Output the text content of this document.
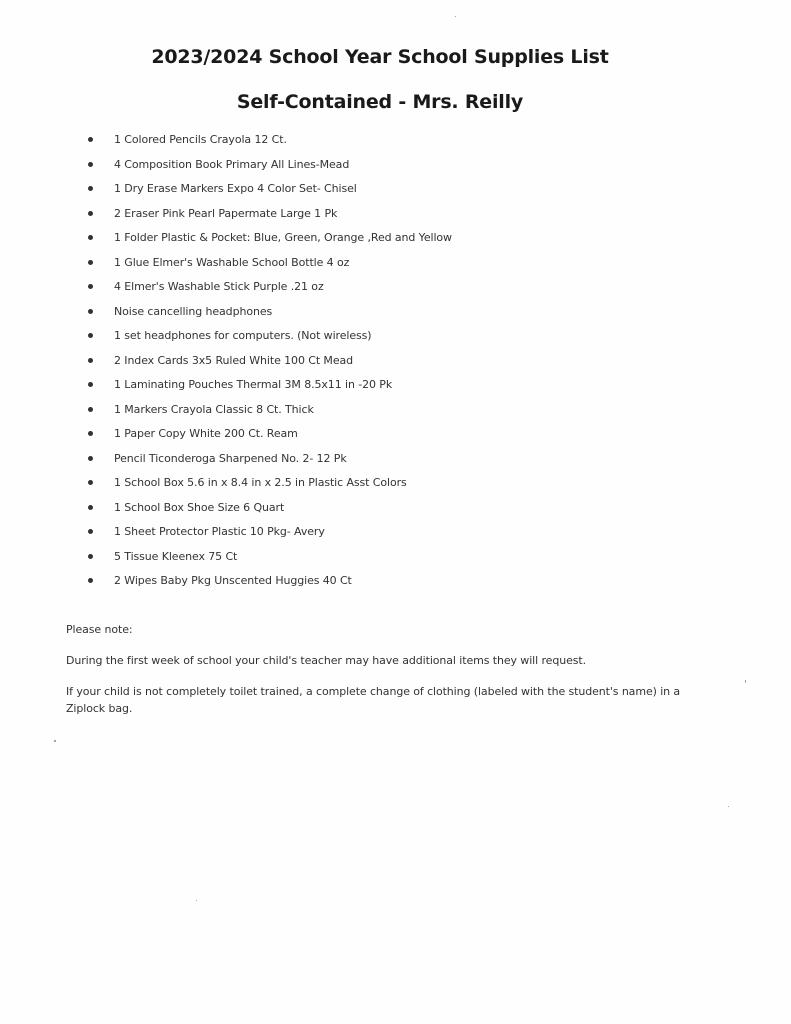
2023/2024 School Year School Supplies List
Self-Contained - Mrs. Reilly
1 Colored Pencils Crayola 12 Ct.
4 Composition Book Primary All Lines-Mead
1 Dry Erase Markers Expo 4 Color Set- Chisel
2 Eraser Pink Pearl Papermate Large 1 Pk
1 Folder Plastic & Pocket: Blue, Green, Orange ,Red and Yellow
1 Glue Elmer's Washable School Bottle 4 oz
4 Elmer's Washable Stick Purple .21 oz
Noise cancelling headphones
1 set headphones for computers. (Not wireless)
2 Index Cards 3x5 Ruled White 100 Ct Mead
1 Laminating Pouches Thermal 3M 8.5x11 in -20 Pk
1 Markers Crayola Classic 8 Ct. Thick
1 Paper Copy White 200 Ct. Ream
Pencil Ticonderoga Sharpened No. 2- 12 Pk
1 School Box 5.6 in x 8.4 in x 2.5 in Plastic Asst Colors
1 School Box Shoe Size 6 Quart
1 Sheet Protector Plastic 10 Pkg- Avery
5 Tissue Kleenex 75 Ct
2 Wipes Baby Pkg Unscented Huggies 40 Ct
Please note:
During the first week of school your child's teacher may have additional items they will request.
If your child is not completely toilet trained, a complete change of clothing (labeled with the student's name) in a Ziplock bag.
